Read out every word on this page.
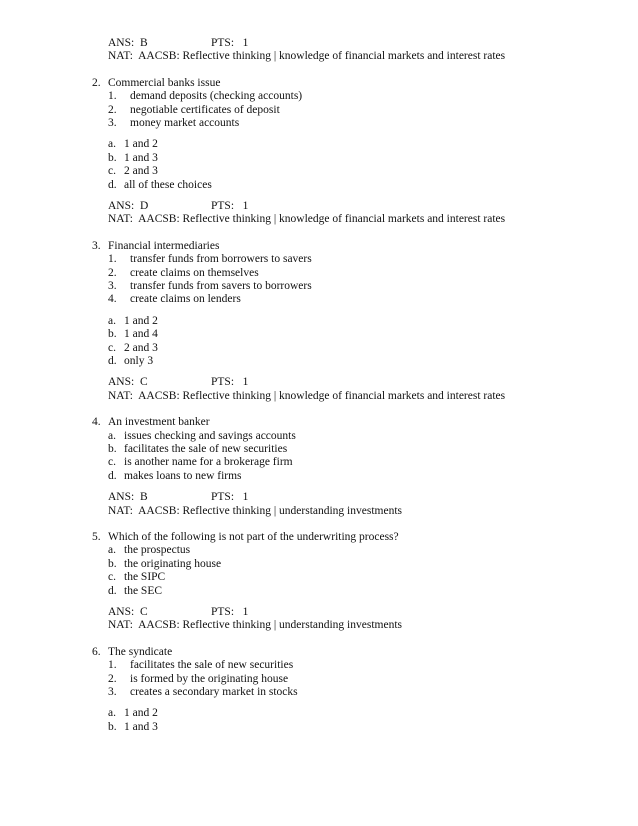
ANS:  B	PTS:   1
NAT:  AACSB: Reflective thinking | knowledge of financial markets and interest rates
2. Commercial banks issue
1. demand deposits (checking accounts)
2. negotiable certificates of deposit
3. money market accounts
a. 1 and 2
b. 1 and 3
c. 2 and 3
d. all of these choices
ANS:  D	PTS:   1
NAT:  AACSB: Reflective thinking | knowledge of financial markets and interest rates
3. Financial intermediaries
1. transfer funds from borrowers to savers
2. create claims on themselves
3. transfer funds from savers to borrowers
4. create claims on lenders
a. 1 and 2
b. 1 and 4
c. 2 and 3
d. only 3
ANS:  C	PTS:   1
NAT:  AACSB: Reflective thinking | knowledge of financial markets and interest rates
4. An investment banker
a. issues checking and savings accounts
b. facilitates the sale of new securities
c. is another name for a brokerage firm
d. makes loans to new firms
ANS:  B	PTS:   1
NAT:  AACSB: Reflective thinking | understanding investments
5. Which of the following is not part of the underwriting process?
a. the prospectus
b. the originating house
c. the SIPC
d. the SEC
ANS:  C	PTS:   1
NAT:  AACSB: Reflective thinking | understanding investments
6. The syndicate
1. facilitates the sale of new securities
2. is formed by the originating house
3. creates a secondary market in stocks
a. 1 and 2
b. 1 and 3
